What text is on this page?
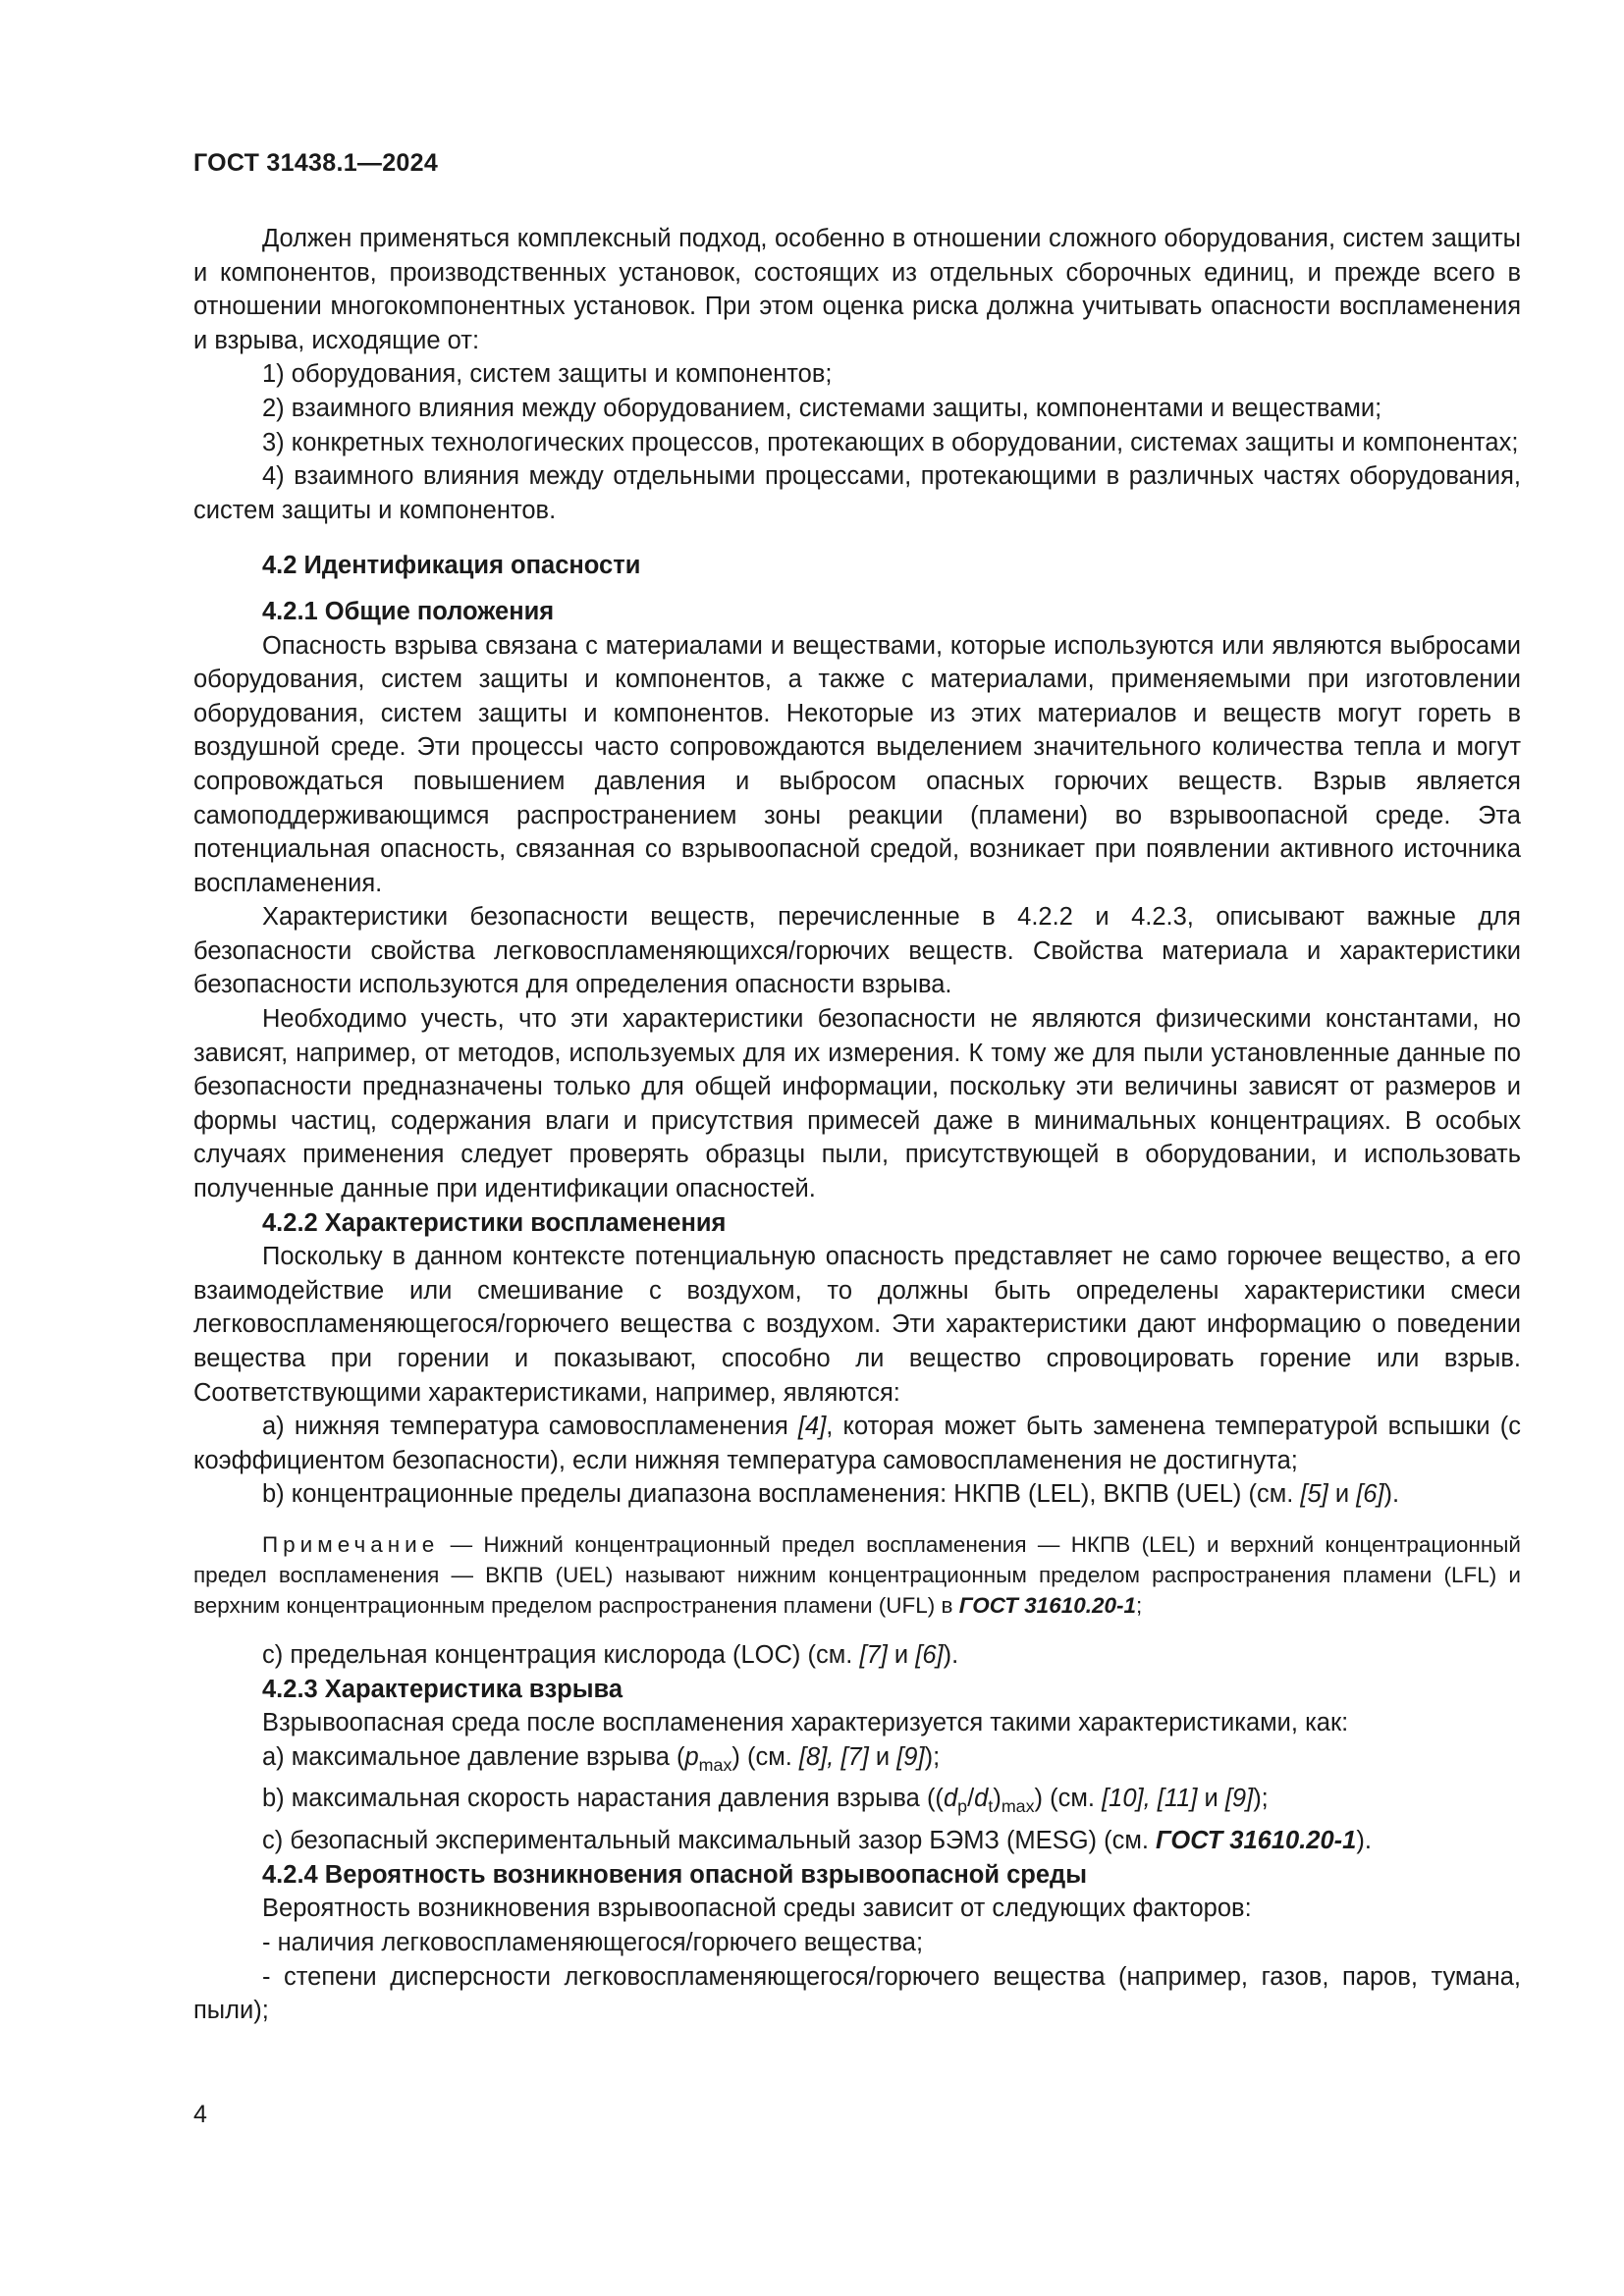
ГОСТ 31438.1—2024

Должен применяться комплексный подход, особенно в отношении сложного оборудования, систем защиты и компонентов, производственных установок, состоящих из отдельных сборочных единиц, и прежде всего в отношении многокомпонентных установок. При этом оценка риска должна учитывать опасности воспламенения и взрыва, исходящие от:

1) оборудования, систем защиты и компонентов;

2) взаимного влияния между оборудованием, системами защиты, компонентами и веществами;

3) конкретных технологических процессов, протекающих в оборудовании, системах защиты и компонентах;

4) взаимного влияния между отдельными процессами, протекающими в различных частях оборудования, систем защиты и компонентов.

4.2 Идентификация опасности
4.2.1 Общие положения

Опасность взрыва связана с материалами и веществами, которые используются или являются выбросами оборудования, систем защиты и компонентов, а также с материалами, применяемыми при изготовлении оборудования, систем защиты и компонентов. Некоторые из этих материалов и веществ могут гореть в воздушной среде. Эти процессы часто сопровождаются выделением значительного количества тепла и могут сопровождаться повышением давления и выбросом опасных горючих веществ. Взрыв является самоподдерживающимся распространением зоны реакции (пламени) во взрывоопасной среде. Эта потенциальная опасность, связанная со взрывоопасной средой, возникает при появлении активного источника воспламенения.

Характеристики безопасности веществ, перечисленные в 4.2.2 и 4.2.3, описывают важные для безопасности свойства легковоспламеняющихся/горючих веществ. Свойства материала и характеристики безопасности используются для определения опасности взрыва.

Необходимо учесть, что эти характеристики безопасности не являются физическими константами, но зависят, например, от методов, используемых для их измерения. К тому же для пыли установленные данные по безопасности предназначены только для общей информации, поскольку эти величины зависят от размеров и формы частиц, содержания влаги и присутствия примесей даже в минимальных концентрациях. В особых случаях применения следует проверять образцы пыли, присутствующей в оборудовании, и использовать полученные данные при идентификации опасностей.

4.2.2 Характеристики воспламенения

Поскольку в данном контексте потенциальную опасность представляет не само горючее вещество, а его взаимодействие или смешивание с воздухом, то должны быть определены характеристики смеси легковоспламеняющегося/горючего вещества с воздухом. Эти характеристики дают информацию о поведении вещества при горении и показывают, способно ли вещество спровоцировать горение или взрыв. Соответствующими характеристиками, например, являются:

а) нижняя температура самовоспламенения [4], которая может быть заменена температурой вспышки (с коэффициентом безопасности), если нижняя температура самовоспламенения не достигнута;

b) концентрационные пределы диапазона воспламенения: НКПВ (LEL), ВКПВ (UEL) (см. [5] и [6]).

Примечание — Нижний концентрационный предел воспламенения — НКПВ (LEL) и верхний концентрационный предел воспламенения — ВКПВ (UEL) называют нижним концентрационным пределом распространения пламени (LFL) и верхним концентрационным пределом распространения пламени (UFL) в ГОСТ 31610.20-1;

с) предельная концентрация кислорода (LOC) (см. [7] и [6]).

4.2.3 Характеристика взрыва

Взрывоопасная среда после воспламенения характеризуется такими характеристиками, как:

а) максимальное давление взрыва $(p_{max})$ (см. [8], [7] и [9]);

b) максимальная скорость нарастания давления взрыва $((d_p/d_t)_{max})$ (см. [10], [11] и [9]);

с) безопасный экспериментальный максимальный зазор БЭМЗ (MESG) (см. ГОСТ 31610.20-1).

4.2.4 Вероятность возникновения опасной взрывоопасной среды

Вероятность возникновения взрывоопасной среды зависит от следующих факторов:

- наличия легковоспламеняющегося/горючего вещества;

- степени дисперсности легковоспламеняющегося/горючего вещества (например, газов, паров, тумана, пыли);

4
